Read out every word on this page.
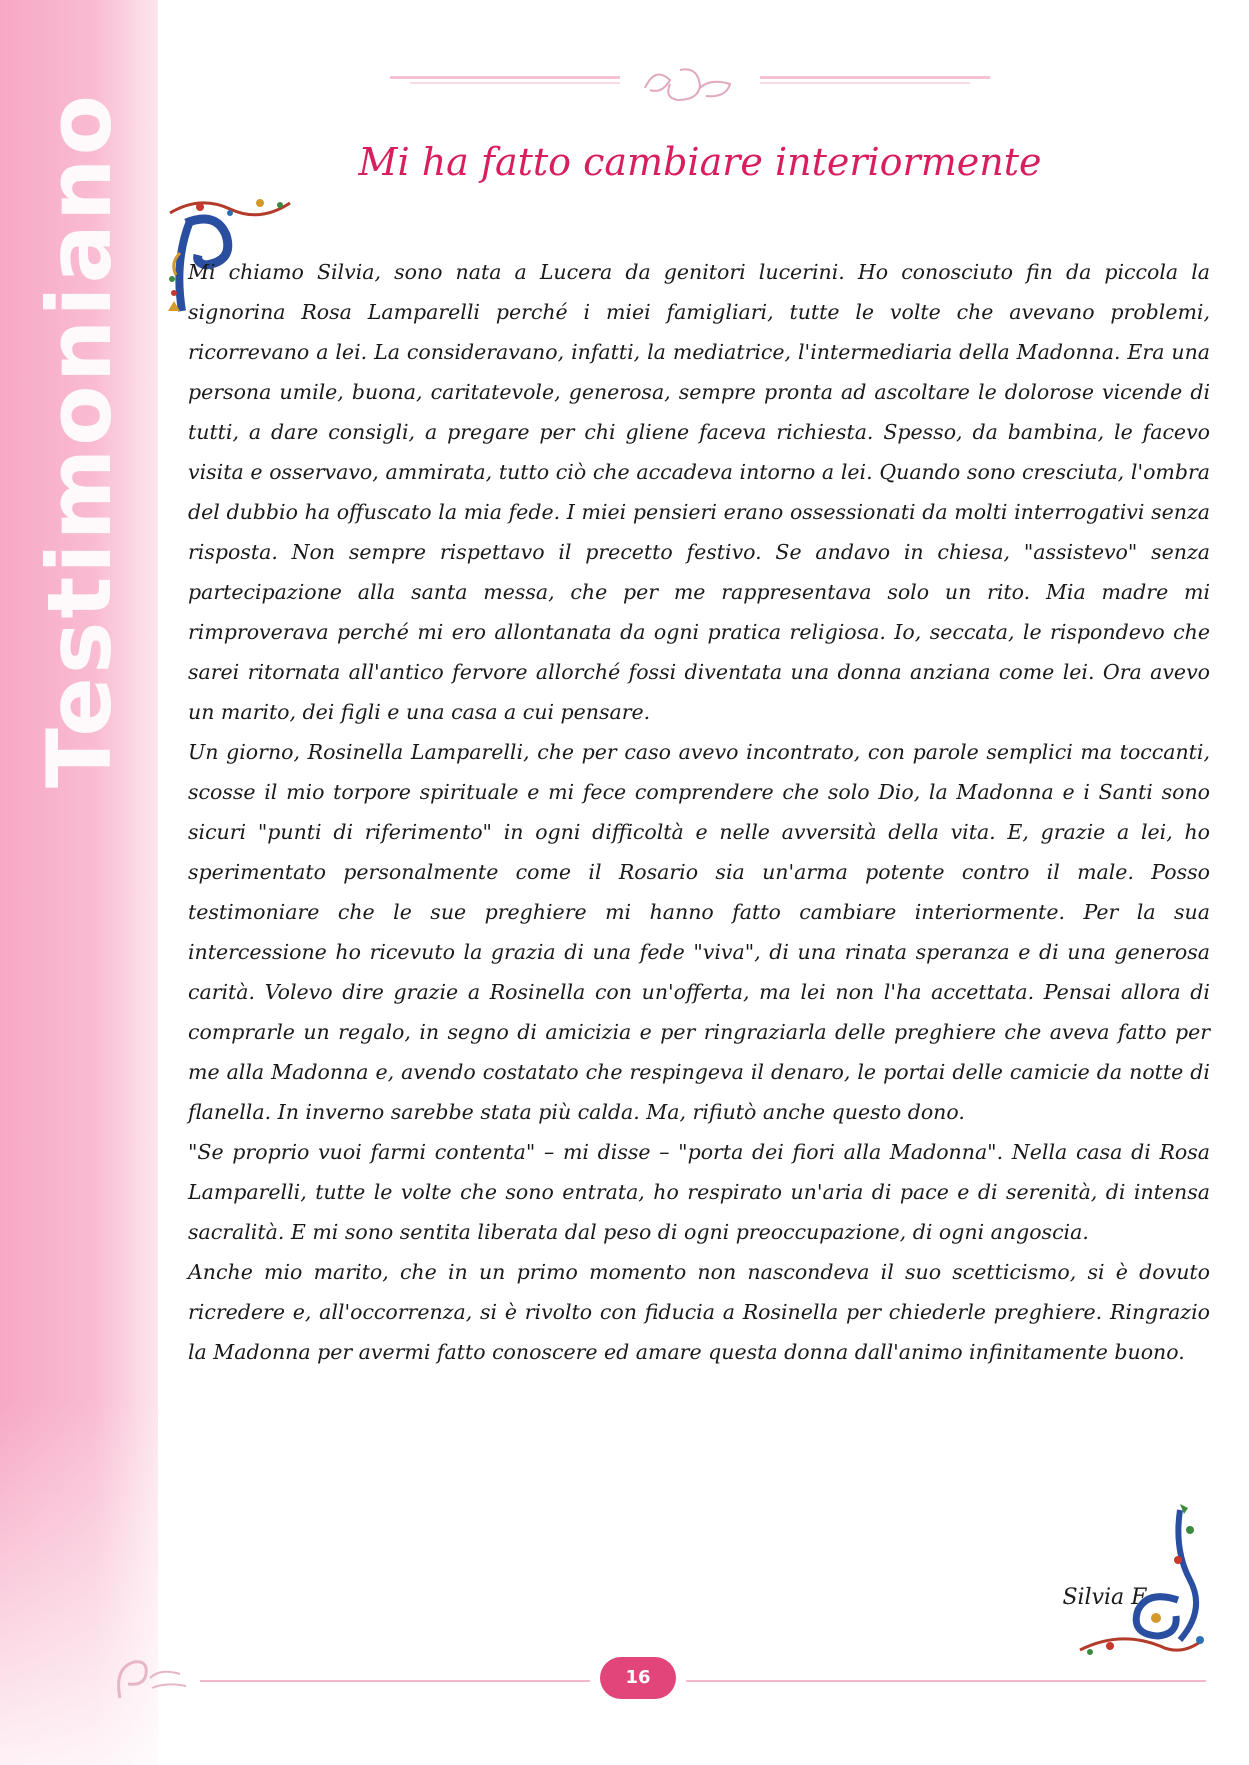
Testimoniano	Mi ha fatto cambiare interiormente

Mi chiamo Silvia, sono nata a Lucera da genitori lucerini. Ho conosciuto fin da piccola la signorina Rosa Lamparelli perché i miei famigliari, tutte le volte che avevano problemi, ricorrevano a lei. La consideravano, infatti, la mediatrice, l'intermediaria della Madonna. Era una persona umile, buona, caritatevole, generosa, sempre pronta ad ascoltare le dolorose vicende di tutti, a dare consigli, a pregare per chi gliene faceva richiesta. Spesso, da bambina, le facevo visita e osservavo, ammirata, tutto ciò che accadeva intorno a lei. Quando sono cresciuta, l'ombra del dubbio ha offuscato la mia fede. I miei pensieri erano ossessionati da molti interrogativi senza risposta. Non sempre rispettavo il precetto festivo. Se andavo in chiesa, "assistevo" senza partecipazione alla santa messa, che per me rappresentava solo un rito. Mia madre mi rimproverava perché mi ero allontanata da ogni pratica religiosa. Io, seccata, le rispondevo che sarei ritornata all'antico fervore allorché fossi diventata una donna anziana come lei. Ora avevo un marito, dei figli e una casa a cui pensare.

Un giorno, Rosinella Lamparelli, che per caso avevo incontrato, con parole semplici ma toccanti, scosse il mio torpore spirituale e mi fece comprendere che solo Dio, la Madonna e i Santi sono sicuri "punti di riferimento" in ogni difficoltà e nelle avversità della vita. E, grazie a lei, ho sperimentato personalmente come il Rosario sia un'arma potente contro il male. Posso testimoniare che le sue preghiere mi hanno fatto cambiare interiormente. Per la sua intercessione ho ricevuto la grazia di una fede "viva", di una rinata speranza e di una generosa carità. Volevo dire grazie a Rosinella con un'offerta, ma lei non l'ha accettata. Pensai allora di comprarle un regalo, in segno di amicizia e per ringraziarla delle preghiere che aveva fatto per me alla Madonna e, avendo costatato che respingeva il denaro, le portai delle camicie da notte di flanella. In inverno sarebbe stata più calda. Ma, rifiutò anche questo dono.

"Se proprio vuoi farmi contenta" – mi disse – "porta dei fiori alla Madonna". Nella casa di Rosa Lamparelli, tutte le volte che sono entrata, ho respirato un'aria di pace e di serenità, di intensa sacralità. E mi sono sentita liberata dal peso di ogni preoccupazione, di ogni angoscia.

Anche mio marito, che in un primo momento non nascondeva il suo scetticismo, si è dovuto ricredere e, all'occorrenza, si è rivolto con fiducia a Rosinella per chiederle preghiere. Ringrazio la Madonna per avermi fatto conoscere ed amare questa donna dall'animo infinitamente buono.

Silvia F.
16
